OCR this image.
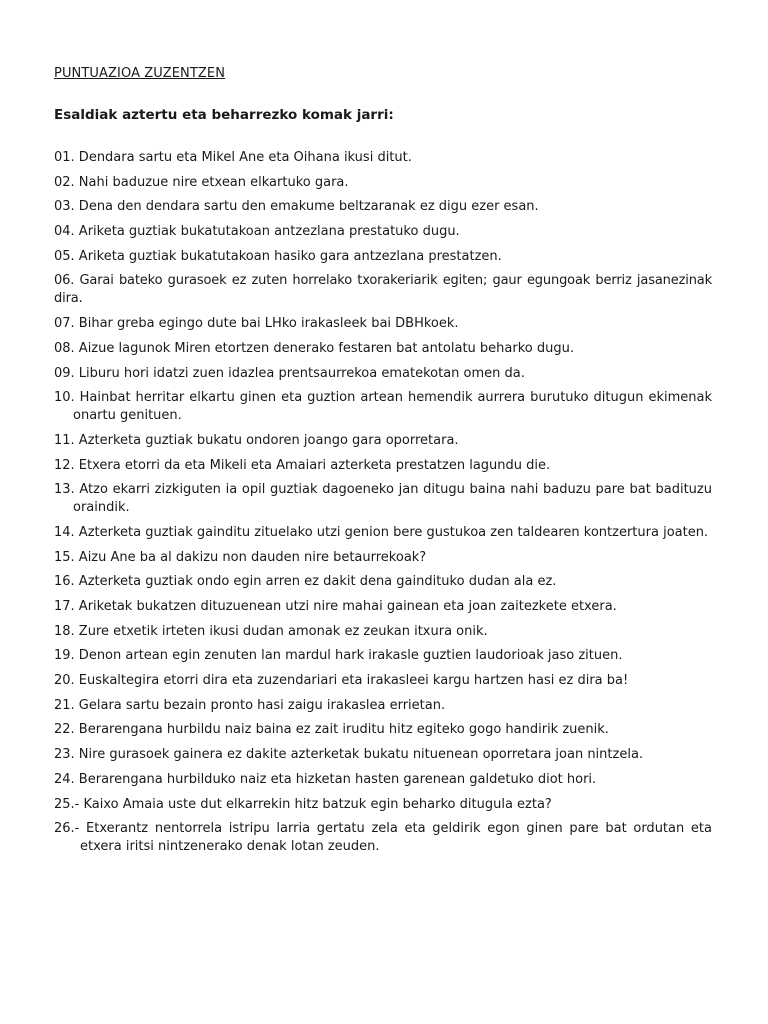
PUNTUAZIOA ZUZENTZEN
Esaldiak aztertu eta beharrezko komak jarri:
01. Dendara sartu eta Mikel Ane eta Oihana ikusi ditut.
02. Nahi baduzue nire etxean elkartuko gara.
03. Dena den dendara sartu den emakume beltzaranak ez digu ezer esan.
04. Ariketa guztiak bukatutakoan antzezlana prestatuko dugu.
05. Ariketa guztiak bukatutakoan hasiko gara antzezlana prestatzen.
06. Garai bateko gurasoek ez zuten horrelako txorakeriarik egiten; gaur egungoak berriz jasanezinak dira.
07. Bihar greba egingo dute bai LHko irakasleek bai DBHkoek.
08. Aizue lagunok Miren etortzen denerako festaren bat antolatu beharko dugu.
09. Liburu hori idatzi zuen idazlea prentsaurrekoa ematekotan omen da.
10. Hainbat herritar elkartu ginen eta guztion artean hemendik aurrera burutuko ditugun ekimenak onartu genituen.
11. Azterketa guztiak bukatu ondoren joango gara oporretara.
12. Etxera etorri da eta Mikeli eta Amaiari azterketa prestatzen lagundu die.
13. Atzo ekarri zizkiguten ia opil guztiak dagoeneko jan ditugu baina nahi baduzu pare bat badituzu oraindik.
14. Azterketa guztiak gainditu zituelako utzi genion bere gustukoa zen taldearen kontzertura joaten.
15. Aizu Ane ba al dakizu non dauden nire betaurrekoak?
16. Azterketa guztiak ondo egin arren ez dakit dena gaindituko dudan ala ez.
17. Ariketak bukatzen dituzuenean utzi nire mahai gainean eta joan zaitezkete etxera.
18. Zure etxetik irteten ikusi dudan amonak ez zeukan itxura onik.
19. Denon artean egin zenuten lan mardul hark irakasle guztien laudorioak jaso zituen.
20. Euskaltegira etorri dira eta zuzendariari eta irakasleei kargu hartzen hasi ez dira ba!
21. Gelara sartu bezain pronto hasi zaigu irakaslea errietan.
22. Berarengana hurbildu naiz baina ez zait iruditu hitz egiteko gogo handirik zuenik.
23. Nire gurasoek gainera ez dakite azterketak bukatu nituenean oporretara joan nintzela.
24. Berarengana hurbilduko naiz eta hizketan hasten garenean galdetuko diot hori.
25.- Kaixo Amaia uste dut elkarrekin hitz batzuk egin beharko ditugula ezta?
26.- Etxerantz nentorrela istripu larria gertatu zela eta geldirik egon ginen pare bat ordutan eta etxera iritsi nintzenerako denak lotan zeuden.
